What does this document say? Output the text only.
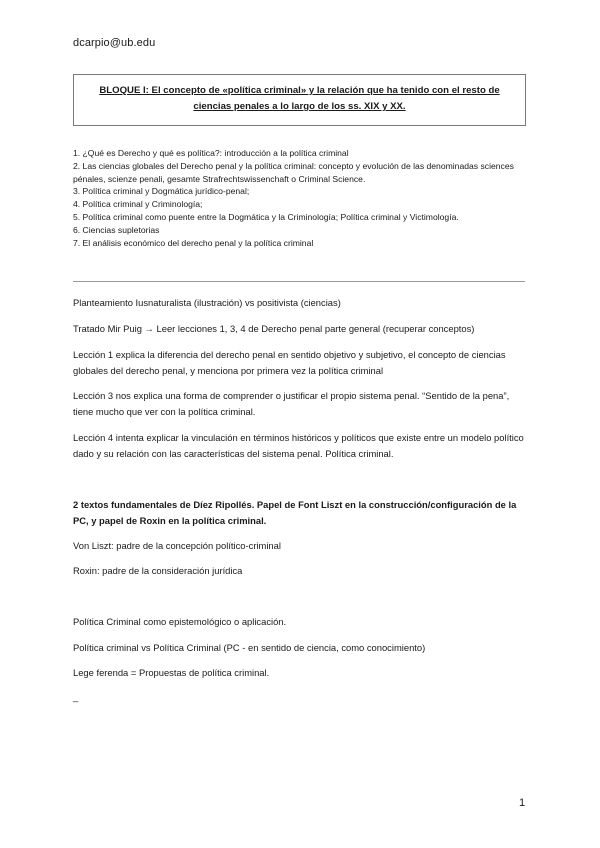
dcarpio@ub.edu

BLOQUE I: El concepto de «política criminal» y la relación que ha tenido con el resto de ciencias penales a lo largo de los ss. XIX y XX.

1. ¿Qué es Derecho y qué es política?: introducción a la política criminal

2. Las ciencias globales del Derecho penal y la política criminal: concepto y evolución de las denominadas sciences pénales, scienze penali, gesamte Strafrechtswissenchaft o Criminal Science.

3. Política criminal y Dogmática jurídico-penal;

4. Política criminal y Criminología;

5. Política criminal como puente entre la Dogmática y la Criminología; Política criminal y Victimología.

6. Ciencias supletorias

7. El análisis económico del derecho penal y la política criminal

Planteamiento Iusnaturalista (ilustración) vs positivista (ciencias)

Tratado Mir Puig → Leer lecciones 1, 3, 4 de Derecho penal parte general (recuperar conceptos)

Lección 1 explica la diferencia del derecho penal en sentido objetivo y subjetivo, el concepto de ciencias globales del derecho penal, y menciona por primera vez la política criminal

Lección 3 nos explica una forma de comprender o justificar el propio sistema penal. “Sentido de la pena”, tiene mucho que ver con la política criminal.

Lección 4 intenta explicar la vinculación en términos históricos y políticos que existe entre un modelo político dado y su relación con las características del sistema penal. Política criminal.

2 textos fundamentales de Díez Ripollés. Papel de Font Liszt en la construcción/configuración de la PC, y papel de Roxin en la política criminal.

Von Liszt: padre de la concepción político-criminal

Roxin: padre de la consideración jurídica

Política Criminal como epistemológico o aplicación.

Política criminal vs Política Criminal (PC - en sentido de ciencia, como conocimiento)

Lege ferenda = Propuestas de política criminal.

_

1
